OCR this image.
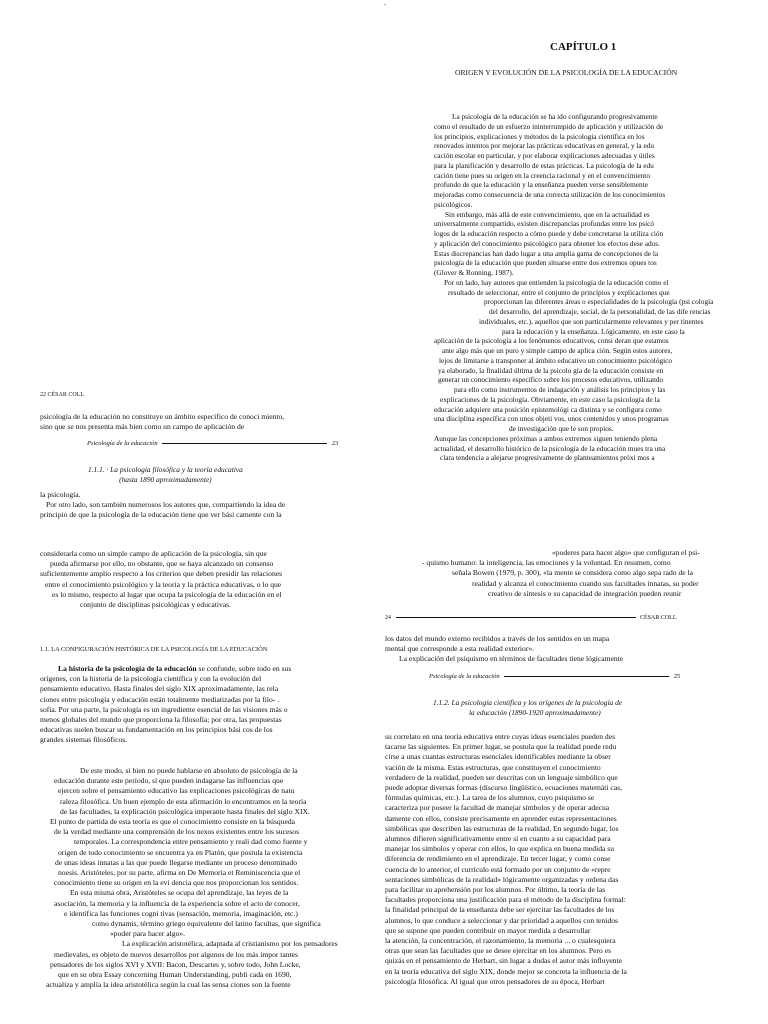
-
CAPÍTULO 1
ORIGEN Y EVOLUCIÓN DE LA PSICOLOGÍA DE LA EDUCACIÓN

La psicología de la educación se ha ido configurando progresivamente

como el resultado de un esfuerzo ininterrumpido de aplicación y utilización de

los principios, explicaciones y métodos de la psicología científica en los

renovados intentos por mejorar las prácticas educativas en general, y la edu

cación escolar en particular, y por elaborar explicaciones adecuadas y útiles

para la planificación y desarrollo de estas prácticas. La psicología de la edu

cación tiene pues su origen en la creencia racional y en el convencimiento

profundo de que la educación y la enseñanza pueden verse sensiblemente

mejoradas como consecuencia de una correcta utilización de los conocimientos

psicológicos.

Sin embargo, más allá de este convencimiento, que en la actualidad es

universalmente compartido, existen discrepancias profundas entre los psicó

logos de la educación respecto a cómo puede y debe concretarse la utiliza ción

y aplicación del conocimiento psicológico para obtener los efectos dese ados.

Estas discrepancias han dado lugar a una amplia gama de concepciones de la

psicología de la educación que pueden situarse entre dos extremos opues tos

(Glover & Ronning, 1987).

Por un lado, hay autores que entienden la psicología de la educación como el

resultado de seleccionar, entre el conjunto de principios y explicaciones que

proporcionan las diferentes áreas o especialidades de la psicología (psi cología

del desarrollo, del aprendizaje, social, de la personalidad, de las dife rencias

individuales, etc.), aquellos que son particularmente relevantes y per tinentes

para la educación y la enseñanza. Lógicamente, en este caso la

aplicación de la psicología a los fenómenos educativos, consi deran que estamos

ante algo más que un puro y simple campo de aplica ción. Según estos autores,

lejos de limitarse a transponer al ámbito educativo un conocimiento psicológico

ya elaborado, la finalidad última de la psicolo gía de la educación consiste en

generar un conocimiento específico sobre los procesos educativos, utilizando

para ello como instrumentos de indagación y análisis los principios y las

explicaciones de la psicología. Obviamente, en este caso la psicología de la

educación adquiere una posición epistemológi ca distinta y se configura como

una disciplina específica con unos objeti vos, unos contenidos y unos programas

de investigación que le son propios.

Aunque las concepciones próximas a ambos extremos siguen teniendo plena

actualidad, el desarrollo histórico de la psicología de la educación mues tra una

clara tendencia a alejarse progresivamente de planteamientos próxi mos a

22 CÉSAR COLL

psicología de la educación no constituye un ámbito específico de conoci miento,

sino que se nos presenta más bien como un campo de aplicación de

Psicología de la educación	23

1.1.1. · La psicología filosófica y la teoría educativa

(hasta 1890 aproximadamente)

la psicología.

Por otro lado, son también numerosos los autores que, compartiendo la idea de

principio de que la psicología de la educación tiene que ver bási camente con la

considerarla como un simple campo de aplicación de la psicología, sin que

pueda afirmarse por ello, no obstante, que se haya alcanzado un consenso

suficientemente amplio respecto a los criterios que deben presidir las relaciones

entre el conocimiento psicológico y la teoría y la práctica educativas, o lo que

es lo mismo, respecto al lugar que ocupa la psicología de la educación en el

conjunto de disciplinas psicológicas y educativas.

«poderes para hacer algo» que configuran el psi-

- quismo humano: la inteligencia, las emociones y la voluntad. En resumen, como

señala Bowen (1979, p. 300), «la mente se considera como algo sepa rado de la

realidad y alcanza el conocimiento cuando sus facultades innatas, su poder

creativo de síntesis o su capacidad de integración pueden reunir

24	CÉSAR COLL

los datos del mundo externo recibidos a través de los sentidos en un mapa

mental que corresponde a esta realidad exterior».

La explicación del psiquismo en términos de facultades tiene lógicamente

Psicología de la educación	25

1.1.2. La psicología científica y los orígenes de la psicología de

la educación (1890-1920 aproximadamente)

1.1. LA CONFIGURACIÓN HISTÓRICA DE LA PSICOLOGÍA DE LA EDUCACIÓN

La historia de la psicología de la educación se confunde, sobre todo en sus

orígenes, con la historia de la psicología científica y con la evolución del

pensamiento educativo. Hasta finales del siglo XIX aproximadamente, las rela

ciones entre psicología y educación están totalmente mediatizadas por la filo- .

sofía. Por una parte, la psicología es un ingrediente esencial de las visiones más o

menos globales del mundo que proporciona la filosofía; por otra, las propuestas

educativas suelen buscar su fundamentación en los principios bási cos de los

grandes sistemas filosóficos.

De este modo, si bien no puede hablarse en absoluto de psicología de la

educación durante este período, sí que pueden indagarse las influencias que

ejercen sobre el pensamiento educativo las explicaciones psicológicas de natu

raleza filosófica. Un buen ejemplo de esta afirmación lo encontramos en la teoría

de las facultades, la explicación psicológica imperante hasta finales del siglo XIX.

El punto de partida de esta teoría es que el conocimiento consiste en la búsqueda

de la verdad mediante una comprensión de los nexos existentes entre los sucesos

temporales. La correspondencia entre pensamiento y reali dad como fuente y

origen de todo conocimiento se encuentra ya en Platón, que postula la existencia

de unas ideas innatas a las que puede llegarse mediante un proceso denominado

noesis. Aristóteles, por su parte, afirma en De Memoria et Reminiscencia que el

conocimiento tiene su origen en la evi dencia que nos proporcionan los sentidos.

En esta misma obra, Aristóteles se ocupa del aprendizaje, las leyes de la

asociación, la memoria y la influencia de la experiencia sobre el acto de conocer,

e identifica las funciones cogni tivas (sensación, memoria, imaginación, etc.)

como dynamis, término griego equivalente del latino facultas, que significa

«poder para hacer algo».

La explicación aristotélica, adaptada al cristianismo por los pensadores

medievales, es objeto de nuevos desarrollos por algunos de los más impor tantes

pensadores de los siglos XVI y XVII: Bacon, Descartes y, sobre todo, John Locke,

que en su obra Essay concerning Human Understanding, publi cada en 1690,

actualiza y amplía la idea aristotélica según la cual las sensa ciones son la fuente

su correlato en una teoría educativa entre cuyas ideas esenciales pueden des

tacarse las siguientes. En primer lugar, se postula que la realidad puede redu

cirse a unas cuantas estructuras esenciales identificables mediante la obser

vación de la misma. Estas estructuras, que constituyen el conocimiento

verdadero de la realidad, pueden ser descritas con un lenguaje simbólico que

puede adoptar diversas formas (discurso lingüístico, ecuaciones matemáti cas,

fórmulas químicas, etc.). La tarea de los alumnos, cuyo psiquismo se

caracteriza por poseer la facultad de manejar símbolos y de operar adecua

damente con ellos, consiste precisamente en aprender estas representaciones

simbólicas que describen las estructuras de la realidad. En segundo lugar, los

alumnos difieren significativamente entre sí en cuanto a su capacidad para

manejar los símbolos y operar con ellos, lo que explica en buena medida su

diferencia de rendimiento en el aprendizaje. En tercer lugar, y como conse

cuencia de lo anterior, el currículo está formado por un conjunto de «repre

sentaciones simbólicas de la realidad» lógicamente organizadas y ordena das

para facilitar su aprehensión por los alumnos. Por último, la teoría de las

facultades proporciona una justificación para el método de la disciplina formal:

la finalidad principal de la enseñanza debe ser ejercitar las facultades de los

alumnos, lo que conduce a seleccionar y dar prioridad a aquellos con tenidos

que se supone que pueden contribuir en mayor medida a desarrollar

la atención, la concentración, el razonamiento, la memoria ... o cualesquiera

otras que sean las facultades que se desee ejercitar en los alumnos. Pero es

quizás en el pensamiento de Herbart, sin lugar a dudas el autor más influyente

en la teoría educativa del siglo XIX, donde mejor se concreta la influencia de la

psicología filosófica. Al igual que otros pensadores de su época, Herbart
